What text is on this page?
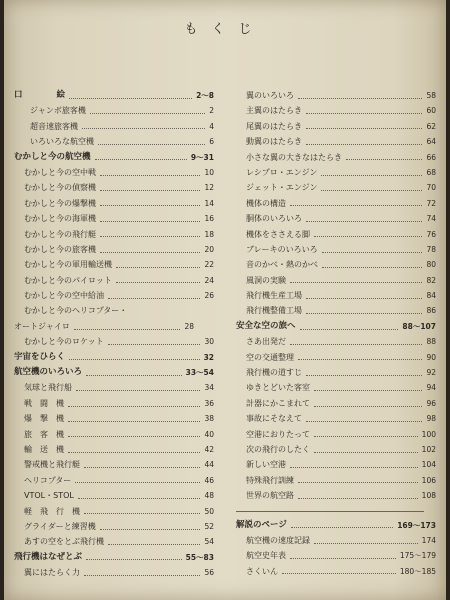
もくじ
口　　　　絵	2〜8
ジャンボ旅客機	2
超音速旅客機	4
いろいろな航空機	6
むかしと今の航空機	9〜31
むかしと今の空中戦	10
むかしと今の偵察機	12
むかしと今の爆撃機	14
むかしと今の海軍機	16
むかしと今の飛行艇	18
むかしと今の旅客機	20
むかしと今の軍用輸送機	22
むかしと今のパイロット	24
むかしと今の空中給油	26
むかしと今のヘリコプター・
オートジャイロ	28
むかしと今のロケット	30
宇宙をひらく	32
航空機のいろいろ	33〜54
気球と飛行船	34
戦　闘　機	36
爆　撃　機	38
旅　客　機	40
輸　送　機	42
警戒機と飛行艇	44
ヘリコプター	46
VTOL・STOL	48
軽　飛　行　機	50
グライダーと練習機	52
あすの空をとぶ飛行機	54
飛行機はなぜとぶ	55〜83
翼にはたらく力	56
翼のいろいろ	58
主翼のはたらき	60
尾翼のはたらき	62
動翼のはたらき	64
小さな翼の大きなはたらき	66
レシプロ・エンジン	68
ジェット・エンジン	70
機体の構造	72
胴体のいろいろ	74
機体をささえる脚	76
ブレーキのいろいろ	78
音のかべ・熱のかべ	80
風洞の実験	82
飛行機生産工場	84
飛行機整備工場	86
安全な空の旅へ	88〜107
さあ出発だ	88
空の交通整理	90
飛行機の道すじ	92
ゆきとどいた客室	94
計器にかこまれて	96
事故にそなえて	98
空港におりたって	100
次の飛行のしたく	102
新しい空港	104
特殊飛行訓練	106
世界の航空路	108
解説のページ	169〜173
航空機の速度記録	174
航空史年表	175〜179
さくいん	180〜185
